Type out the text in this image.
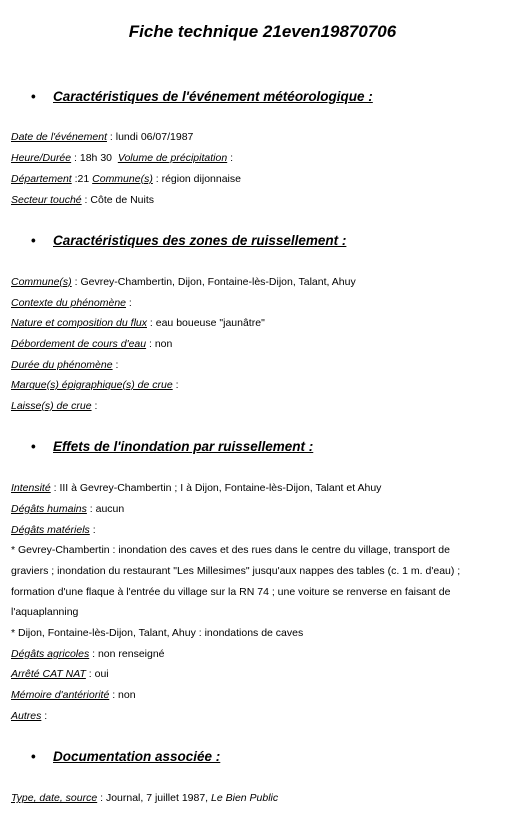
Fiche technique 21even19870706
• Caractéristiques de l'événement météorologique :
Date de l'événement : lundi 06/07/1987
Heure/Durée : 18h 30  Volume de précipitation :
Département :21 Commune(s) : région dijonnaise
Secteur touché : Côte de Nuits
• Caractéristiques des zones de ruissellement :
Commune(s) : Gevrey-Chambertin, Dijon, Fontaine-lès-Dijon, Talant, Ahuy
Contexte du phénomène :
Nature et composition du flux : eau boueuse "jaunâtre"
Débordement de cours d'eau : non
Durée du phénomène :
Marque(s) épigraphique(s) de crue :
Laisse(s) de crue :
• Effets de l'inondation par ruissellement :
Intensité : III à Gevrey-Chambertin ; I à Dijon, Fontaine-lès-Dijon, Talant et Ahuy
Dégâts humains : aucun
Dégâts matériels :
* Gevrey-Chambertin : inondation des caves et des rues dans le centre du village, transport de
graviers ; inondation du restaurant "Les Millesimes" jusqu'aux nappes des tables (c. 1 m. d'eau) ;
formation d'une flaque à l'entrée du village sur la RN 74 ; une voiture se renverse en faisant de
l'aquaplanning
* Dijon, Fontaine-lès-Dijon, Talant, Ahuy : inondations de caves
Dégâts agricoles : non renseigné
Arrêté CAT NAT : oui
Mémoire d'antériorité : non
Autres :
• Documentation associée :
Type, date, source : Journal, 7 juillet 1987, Le Bien Public
